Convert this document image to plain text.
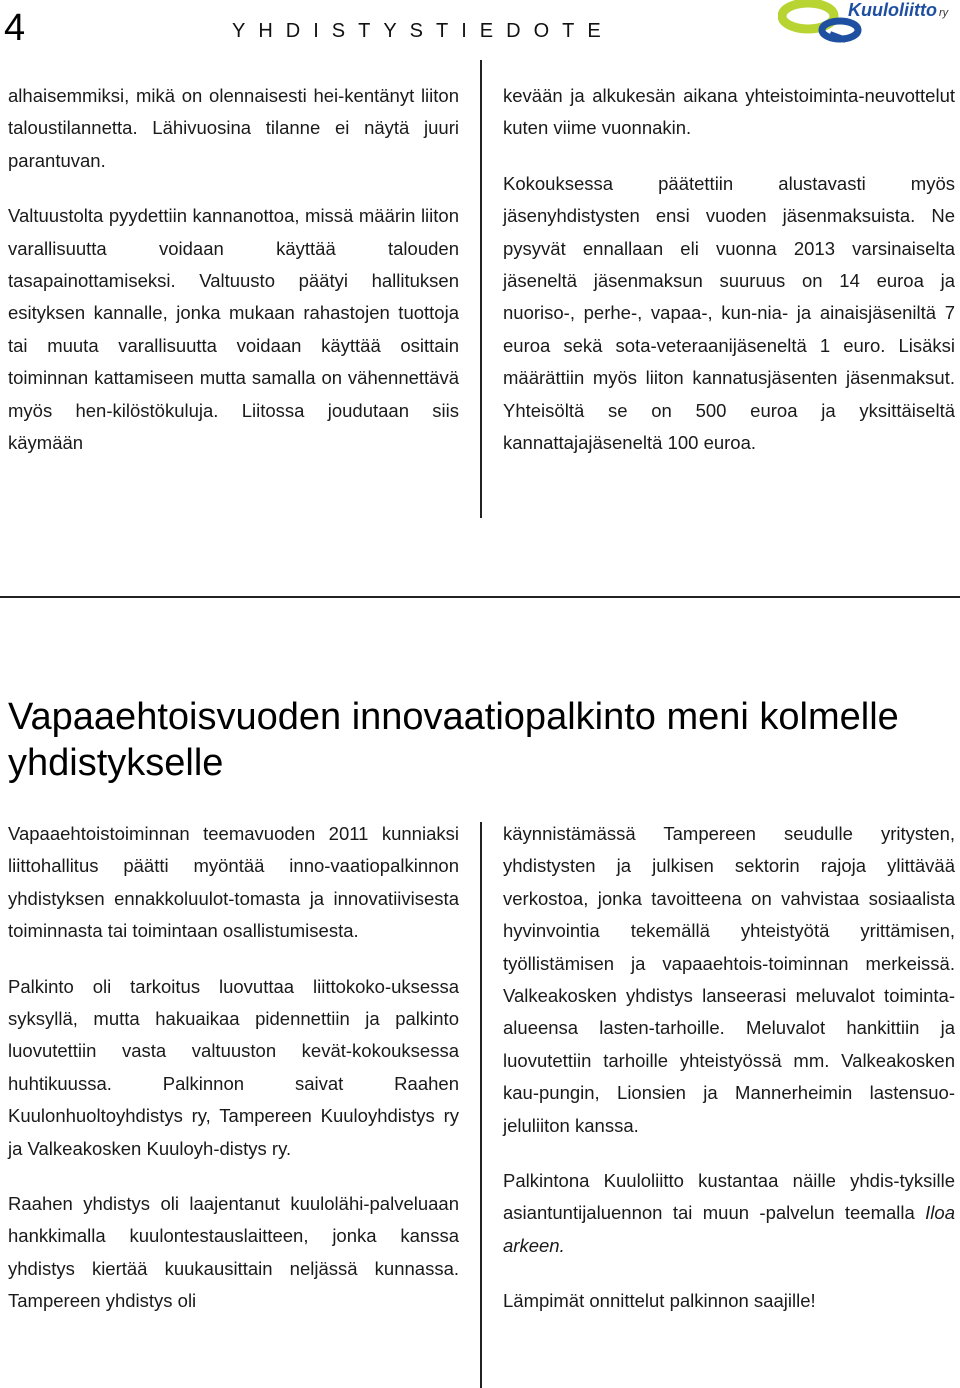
4	YHDISTYSTIEDOTE
Kuuloliitto ry

alhaisemmiksi, mikä on olennaisesti hei-kentänyt liiton taloustilannetta. Lähivuosina tilanne ei näytä juuri parantuvan.

Valtuustolta pyydettiin kannanottoa, missä määrin liiton varallisuutta voidaan käyttää talouden tasapainottamiseksi. Valtuusto päätyi hallituksen esityksen kannalle, jonka mukaan rahastojen tuottoja tai muuta varallisuutta voidaan käyttää osittain toiminnan kattamiseen mutta samalla on vähennettävä myös hen-kilöstökuluja. Liitossa joudutaan siis käymään

kevään ja alkukesän aikana yhteistoiminta-neuvottelut kuten viime vuonnakin.

Kokouksessa päätettiin alustavasti myös jäsenyhdistysten ensi vuoden jäsenmaksuista. Ne pysyvät ennallaan eli vuonna 2013 varsinaiselta jäseneltä jäsenmaksun suuruus on 14 euroa ja nuoriso-, perhe-, vapaa-, kun-nia- ja ainaisjäseniltä 7 euroa sekä sota-veteraanijäseneltä 1 euro. Lisäksi määrättiin myös liiton kannatusjäsenten jäsenmaksut. Yhteisöltä se on 500 euroa ja yksittäiseltä kannattajajäseneltä 100 euroa.

Vapaaehtoisvuoden innovaatiopalkinto meni kolmelle yhdistykselle

Vapaaehtoistoiminnan teemavuoden 2011 kunniaksi liittohallitus päätti myöntää inno-vaatiopalkinnon yhdistyksen ennakkoluulot-tomasta ja innovatiivisesta toiminnasta tai toimintaan osallistumisesta.

Palkinto oli tarkoitus luovuttaa liittokoko-uksessa syksyllä, mutta hakuaikaa pidennettiin ja palkinto luovutettiin vasta valtuuston kevät-kokouksessa huhtikuussa. Palkinnon saivat Raahen Kuulonhuoltoyhdistys ry, Tampereen Kuuloyhdistys ry ja Valkeakosken Kuuloyh-distys ry.

Raahen yhdistys oli laajentanut kuulolähi-palveluaan hankkimalla kuulontestauslaitteen, jonka kanssa yhdistys kiertää kuukausittain neljässä kunnassa. Tampereen yhdistys oli

käynnistämässä Tampereen seudulle yritysten, yhdistysten ja julkisen sektorin rajoja ylittävää verkostoa, jonka tavoitteena on vahvistaa sosiaalista hyvinvointia tekemällä yhteistyötä yrittämisen, työllistämisen ja vapaaehtois-toiminnan merkeissä. Valkeakosken yhdistys lanseerasi meluvalot toiminta-alueensa lasten-tarhoille. Meluvalot hankittiin ja luovutettiin tarhoille yhteistyössä mm. Valkeakosken kau-pungin, Lionsien ja Mannerheimin lastensuo-jeluliiton kanssa.

Palkintona Kuuloliitto kustantaa näille yhdis-tyksille asiantuntijaluennon tai muun -palvelun teemalla Iloa arkeen.

Lämpimät onnittelut palkinnon saajille!
